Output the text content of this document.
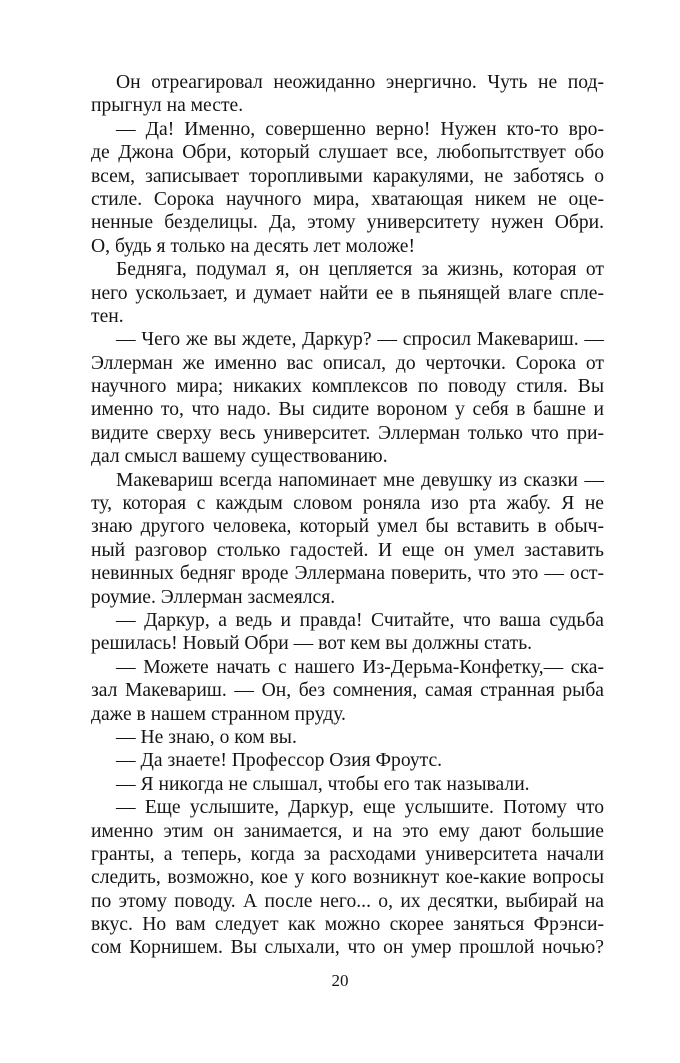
Он отреагировал неожиданно энергично. Чуть не под-
прыгнул на месте.
— Да! Именно, совершенно верно! Нужен кто-то вро-
де Джона Обри, который слушает все, любопытствует обо
всем, записывает торопливыми каракулями, не заботясь о
стиле. Сорока научного мира, хватающая никем не оце-
ненные безделицы. Да, этому университету нужен Обри.
О, будь я только на десять лет моложе!
Бедняга, подумал я, он цепляется за жизнь, которая от
него ускользает, и думает найти ее в пьянящей влаге спле-
тен.
— Чего же вы ждете, Даркур? — спросил Макевариш. —
Эллерман же именно вас описал, до черточки. Сорока от
научного мира; никаких комплексов по поводу стиля. Вы
именно то, что надо. Вы сидите вороном у себя в башне и
видите сверху весь университет. Эллерман только что при-
дал смысл вашему существованию.
Макевариш всегда напоминает мне девушку из сказки —
ту, которая с каждым словом роняла изо рта жабу. Я не
знаю другого человека, который умел бы вставить в обыч-
ный разговор столько гадостей. И еще он умел заставить
невинных бедняг вроде Эллермана поверить, что это — ост-
роумие. Эллерман засмеялся.
— Даркур, а ведь и правда! Считайте, что ваша судьба
решилась! Новый Обри — вот кем вы должны стать.
— Можете начать с нашего Из-Дерьма-Конфетку,— ска-
зал Макевариш. — Он, без сомнения, самая странная рыба
даже в нашем странном пруду.
— Не знаю, о ком вы.
— Да знаете! Профессор Озия Фроутс.
— Я никогда не слышал, чтобы его так называли.
— Еще услышите, Даркур, еще услышите. Потому что
именно этим он занимается, и на это ему дают большие
гранты, а теперь, когда за расходами университета начали
следить, возможно, кое у кого возникнут кое-какие вопросы
по этому поводу. А после него... о, их десятки, выбирай на
вкус. Но вам следует как можно скорее заняться Фрэнси-
сом Корнишем. Вы слыхали, что он умер прошлой ночью?
20
